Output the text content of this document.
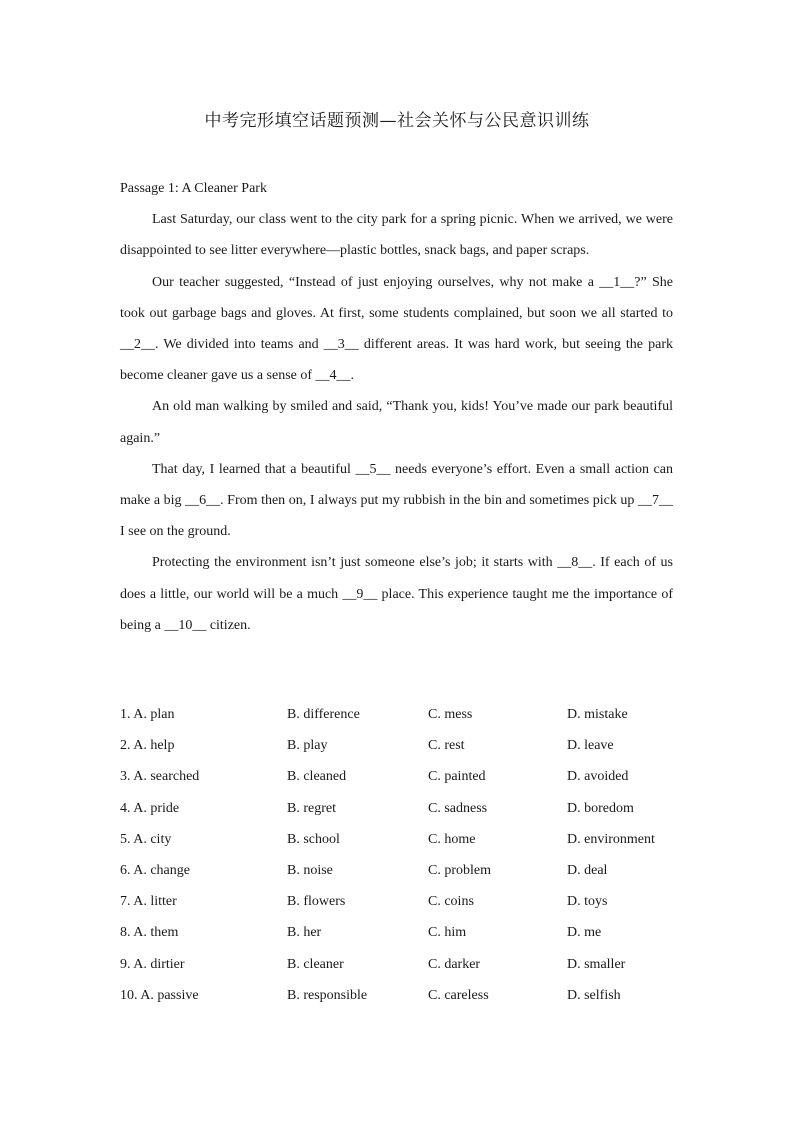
中考完形填空话题预测—社会关怀与公民意识训练
Passage 1: A Cleaner Park

Last Saturday, our class went to the city park for a spring picnic. When we arrived, we were disappointed to see litter everywhere—plastic bottles, snack bags, and paper scraps.

Our teacher suggested, “Instead of just enjoying ourselves, why not make a __1__?” She took out garbage bags and gloves. At first, some students complained, but soon we all started to __2__. We divided into teams and __3__ different areas. It was hard work, but seeing the park become cleaner gave us a sense of __4__.

An old man walking by smiled and said, “Thank you, kids! You’ve made our park beautiful again.”

That day, I learned that a beautiful __5__ needs everyone’s effort. Even a small action can make a big __6__. From then on, I always put my rubbish in the bin and sometimes pick up __7__ I see on the ground.

Protecting the environment isn’t just someone else’s job; it starts with __8__. If each of us does a little, our world will be a much __9__ place. This experience taught me the importance of being a __10__ citizen.

1. A. plan	B. difference	C. mess	D. mistake
2. A. help	B. play	C. rest	D. leave
3. A. searched	B. cleaned	C. painted	D. avoided
4. A. pride	B. regret	C. sadness	D. boredom
5. A. city	B. school	C. home	D. environment
6. A. change	B. noise	C. problem	D. deal
7. A. litter	B. flowers	C. coins	D. toys
8. A. them	B. her	C. him	D. me
9. A. dirtier	B. cleaner	C. darker	D. smaller
10. A. passive	B. responsible	C. careless	D. selfish
